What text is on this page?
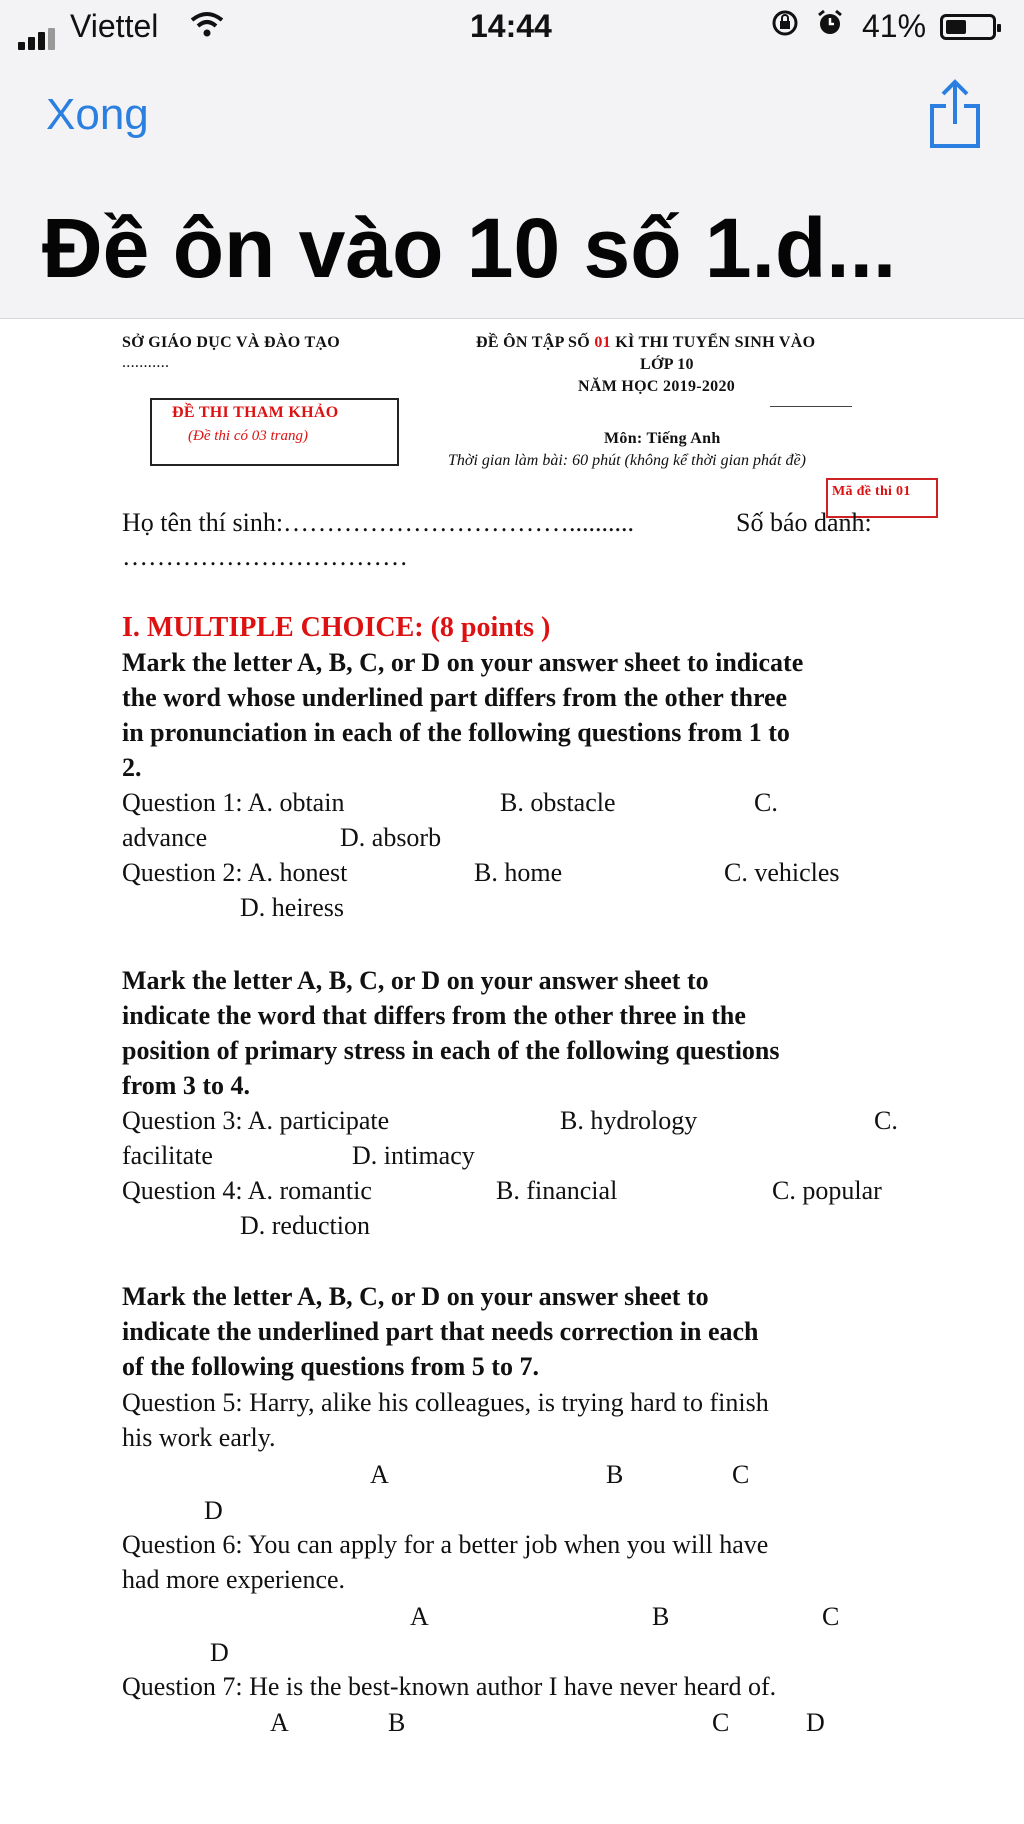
Viettel	14:44	41%
Xong
Đề ôn vào 10 số 1.d...
SỞ GIÁO DỤC VÀ ĐÀO TẠO
...........
ĐỀ THI THAM KHẢO
(Đề thi có 03 trang)
ĐỀ ÔN TẬP SỐ 01 KÌ THI TUYỂN SINH VÀO
LỚP 10
NĂM HỌC 2019-2020
Môn: Tiếng Anh
Thời gian làm bài: 60 phút (không kể thời gian phát đề)
Mã đề thi 01
Họ tên thí sinh:……………………………..........	Số báo danh:
……………………………
I. MULTIPLE CHOICE: (8 points )
Mark the letter A, B, C, or D on your answer sheet to indicate
the word whose underlined part differs from the other three
in pronunciation in each of the following questions from 1 to
2.
Question 1: A. obtain	B. obstacle	C.
advance	D. absorb
Question 2: A. honest	B. home	C. vehicles
D. heiress
Mark the letter A, B, C, or D on your answer sheet to
indicate the word that differs from the other three in the
position of primary stress in each of the following questions
from 3 to 4.
Question 3: A. participate	B. hydrology	C.
facilitate	D. intimacy
Question 4: A. romantic	B. financial	C. popular
D. reduction
Mark the letter A, B, C, or D on your answer sheet to
indicate the underlined part that needs correction in each
of the following questions from 5 to 7.
Question 5: Harry, alike his colleagues, is trying hard to finish
his work early.
A	B	C
D
Question 6: You can apply for a better job when you will have
had more experience.
A	B	C
D
Question 7: He is the best-known author I have never heard of.
A	B	C	D
